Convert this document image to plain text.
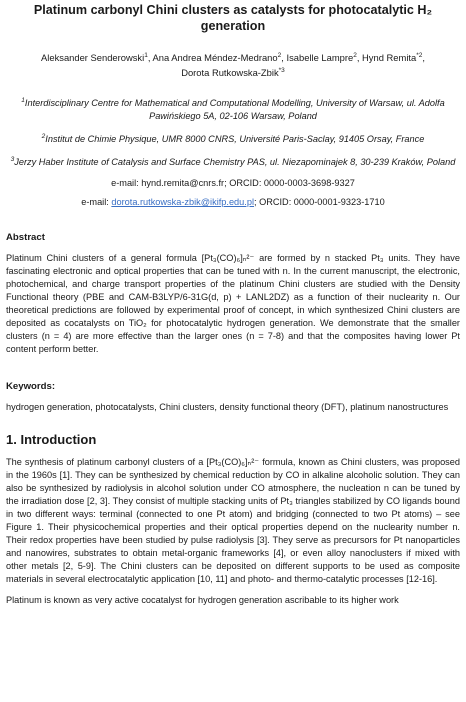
Platinum carbonyl Chini clusters as catalysts for photocatalytic H₂ generation
Aleksander Senderowski$^1$, Ana Andrea Méndez-Medrano$^2$, Isabelle Lampre$^2$, Hynd Remita$^{*2}$,
Dorota Rutkowska-Zbik$^{*3}$
$^1$Interdisciplinary Centre for Mathematical and Computational Modelling, University of Warsaw, ul. Adolfa Pawińskiego 5A, 02-106 Warsaw, Poland
$^2$Institut de Chimie Physique, UMR 8000 CNRS, Université Paris-Saclay, 91405 Orsay, France
$^3$Jerzy Haber Institute of Catalysis and Surface Chemistry PAS, ul. Niezapominajek 8, 30-239 Kraków, Poland
e-mail: hynd.remita@cnrs.fr; ORCID: 0000-0003-3698-9327
e-mail: dorota.rutkowska-zbik@ikifp.edu.pl; ORCID: 0000-0001-9323-1710
Abstract

Platinum Chini clusters of a general formula [Pt₃(CO)₆]ₙ²⁻ are formed by n stacked Pt₃ units. They have fascinating electronic and optical properties that can be tuned with n. In the current manuscript, the electronic, photochemical, and charge transport properties of the platinum Chini clusters are studied with the Density Functional theory (PBE and CAM-B3LYP/6-31G(d, p) + LANL2DZ) as a function of their nuclearity n. Our theoretical predictions are followed by experimental proof of concept, in which synthesized Chini clusters are deposited as cocatalysts on TiO₂ for photocatalytic hydrogen generation. We demonstrate that the smaller clusters (n = 4) are more effective than the larger ones (n = 7-8) and that the composites having lower Pt content perform better.

Keywords:

hydrogen generation, photocatalysts, Chini clusters, density functional theory (DFT), platinum nanostructures

1. Introduction

The synthesis of platinum carbonyl clusters of a [Pt₃(CO)₆]ₙ²⁻ formula, known as Chini clusters, was proposed in the 1960s [1]. They can be synthesized by chemical reduction by CO in alkaline alcoholic solution. They can also be synthesized by radiolysis in alcohol solution under CO atmosphere, the nucleation n can be tuned by the irradiation dose [2, 3]. They consist of multiple stacking units of Pt₃ triangles stabilized by CO ligands bound in two different ways: terminal (connected to one Pt atom) and bridging (connected to two Pt atoms) – see Figure 1. Their physicochemical properties and their optical properties depend on the nuclearity number n. Their redox properties have been studied by pulse radiolysis [3]. They serve as precursors for Pt nanoparticles and nanowires, substrates to obtain metal-organic frameworks [4], or even alloy nanoclusters if mixed with other metals [2, 5-9]. The Chini clusters can be deposited on different supports to be used as composite materials in several electrocatalytic application [10, 11] and photo- and thermo-catalytic processes [12-16].

Platinum is known as very active cocatalyst for hydrogen generation ascribable to its higher work
